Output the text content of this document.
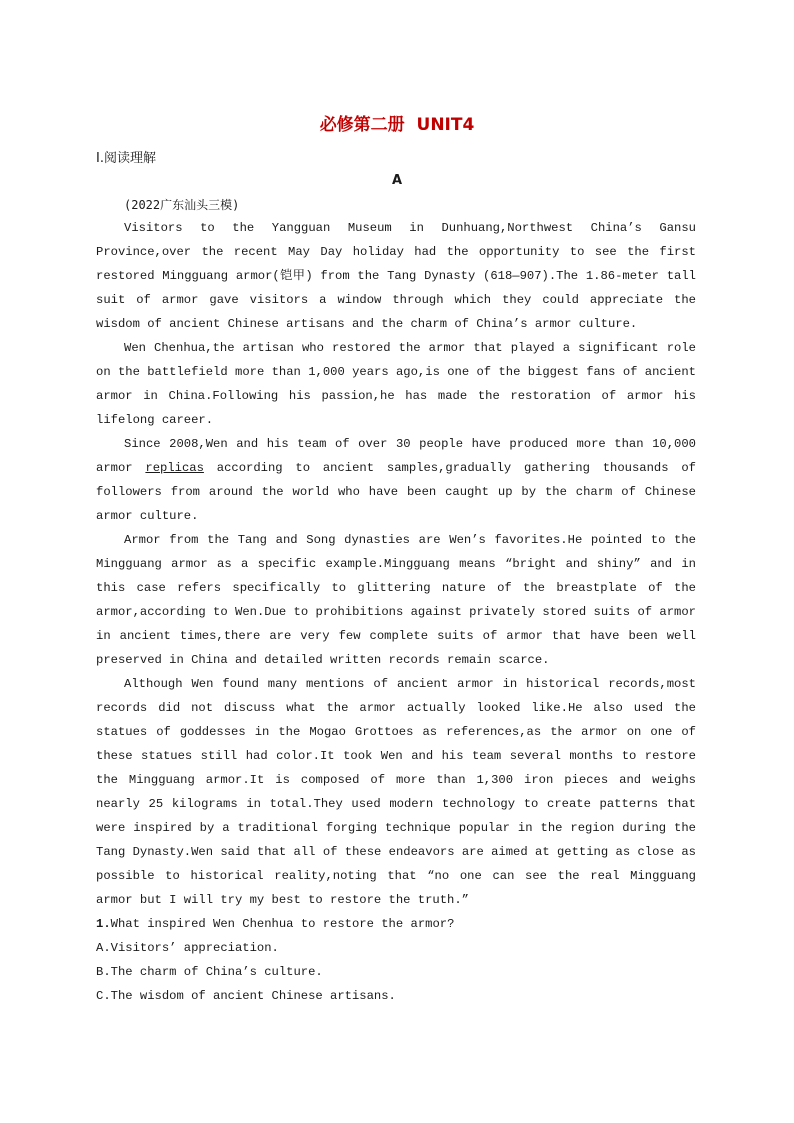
必修第二册  UNIT4
Ⅰ.阅读理解
A
(2022广东汕头三模)

Visitors to the Yangguan Museum in Dunhuang,Northwest China’s Gansu Province,over the recent May Day holiday had the opportunity to see the first restored Mingguang armor(铠甲) from the Tang Dynasty (618—907).The 1.86-meter tall suit of armor gave visitors a window through which they could appreciate the wisdom of ancient Chinese artisans and the charm of China’s armor culture.

Wen Chenhua,the artisan who restored the armor that played a significant role on the battlefield more than 1,000 years ago,is one of the biggest fans of ancient armor in China.Following his passion,he has made the restoration of armor his lifelong career.

Since 2008,Wen and his team of over 30 people have produced more than 10,000 armor replicas according to ancient samples,gradually gathering thousands of followers from around the world who have been caught up by the charm of Chinese armor culture.

Armor from the Tang and Song dynasties are Wen’s favorites.He pointed to the Mingguang armor as a specific example.Mingguang means “bright and shiny” and in this case refers specifically to glittering nature of the breastplate of the armor,according to Wen.Due to prohibitions against privately stored suits of armor in ancient times,there are very few complete suits of armor that have been well preserved in China and detailed written records remain scarce.

Although Wen found many mentions of ancient armor in historical records,most records did not discuss what the armor actually looked like.He also used the statues of goddesses in the Mogao Grottoes as references,as the armor on one of these statues still had color.It took Wen and his team several months to restore the Mingguang armor.It is composed of more than 1,300 iron pieces and weighs nearly 25 kilograms in total.They used modern technology to create patterns that were inspired by a traditional forging technique popular in the region during the Tang Dynasty.Wen said that all of these endeavors are aimed at getting as close as possible to historical reality,noting that “no one can see the real Mingguang armor but I will try my best to restore the truth.”

1.What inspired Wen Chenhua to restore the armor?

A.Visitors’ appreciation.

B.The charm of China’s culture.

C.The wisdom of ancient Chinese artisans.
